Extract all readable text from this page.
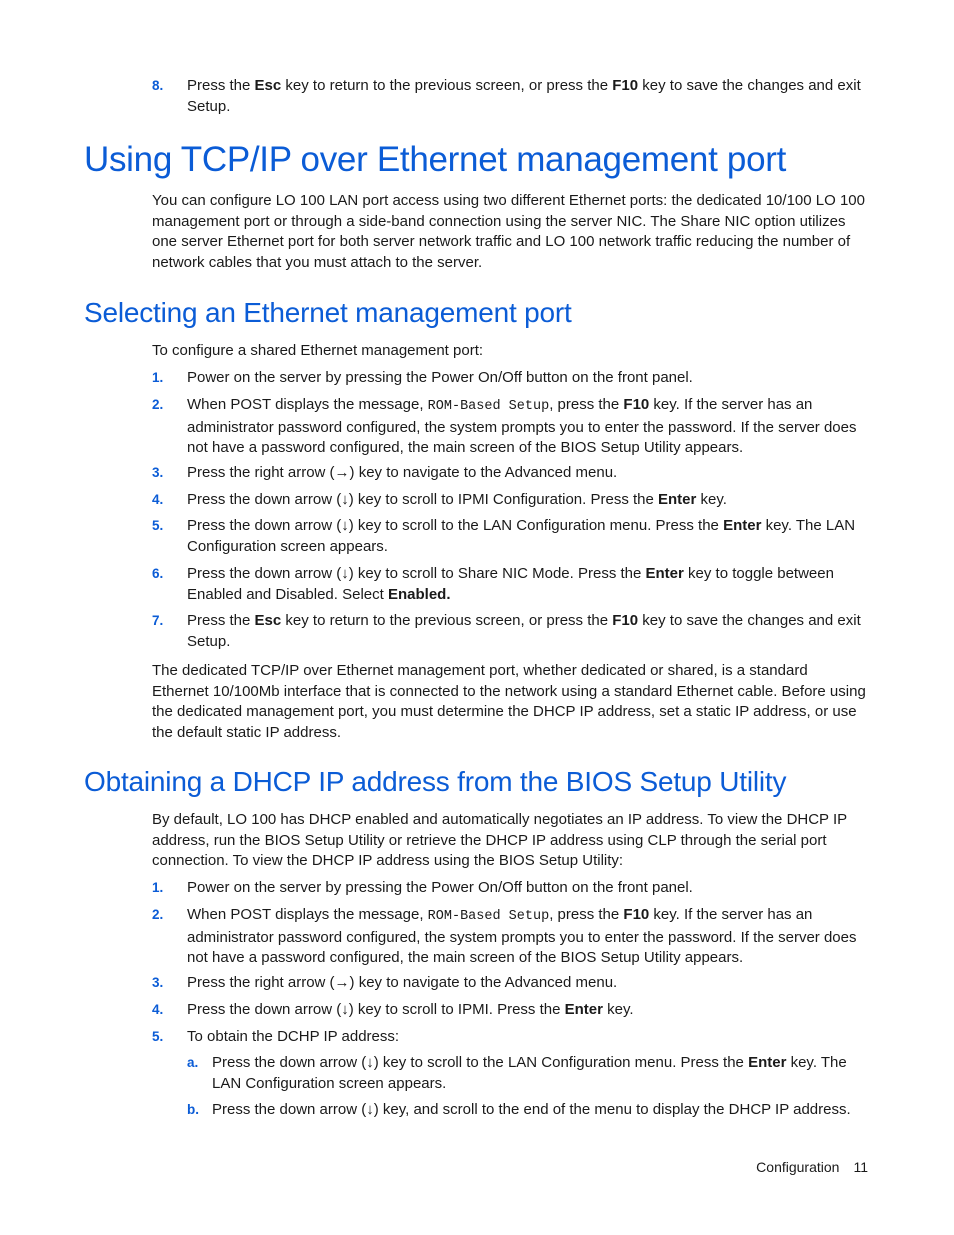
8. Press the Esc key to return to the previous screen, or press the F10 key to save the changes and exit Setup.

Using TCP/IP over Ethernet management port

You can configure LO 100 LAN port access using two different Ethernet ports: the dedicated 10/100 LO 100 management port or through a side-band connection using the server NIC. The Share NIC option utilizes one server Ethernet port for both server network traffic and LO 100 network traffic reducing the number of network cables that you must attach to the server.

Selecting an Ethernet management port

To configure a shared Ethernet management port:

1. Power on the server by pressing the Power On/Off button on the front panel.

2. When POST displays the message, ROM-Based Setup, press the F10 key. If the server has an administrator password configured, the system prompts you to enter the password. If the server does not have a password configured, the main screen of the BIOS Setup Utility appears.

3. Press the right arrow (→) key to navigate to the Advanced menu.

4. Press the down arrow (↓) key to scroll to IPMI Configuration. Press the Enter key.

5. Press the down arrow (↓) key to scroll to the LAN Configuration menu. Press the Enter key. The LAN Configuration screen appears.

6. Press the down arrow (↓) key to scroll to Share NIC Mode. Press the Enter key to toggle between Enabled and Disabled. Select Enabled.

7. Press the Esc key to return to the previous screen, or press the F10 key to save the changes and exit Setup.

The dedicated TCP/IP over Ethernet management port, whether dedicated or shared, is a standard Ethernet 10/100Mb interface that is connected to the network using a standard Ethernet cable. Before using the dedicated management port, you must determine the DHCP IP address, set a static IP address, or use the default static IP address.

Obtaining a DHCP IP address from the BIOS Setup Utility

By default, LO 100 has DHCP enabled and automatically negotiates an IP address. To view the DHCP IP address, run the BIOS Setup Utility or retrieve the DHCP IP address using CLP through the serial port connection. To view the DHCP IP address using the BIOS Setup Utility:

1. Power on the server by pressing the Power On/Off button on the front panel.

2. When POST displays the message, ROM-Based Setup, press the F10 key. If the server has an administrator password configured, the system prompts you to enter the password. If the server does not have a password configured, the main screen of the BIOS Setup Utility appears.

3. Press the right arrow (→) key to navigate to the Advanced menu.

4. Press the down arrow (↓) key to scroll to IPMI. Press the Enter key.

5. To obtain the DCHP IP address:

a. Press the down arrow (↓) key to scroll to the LAN Configuration menu. Press the Enter key. The LAN Configuration screen appears.

b. Press the down arrow (↓) key, and scroll to the end of the menu to display the DHCP IP address.

Configuration 11
